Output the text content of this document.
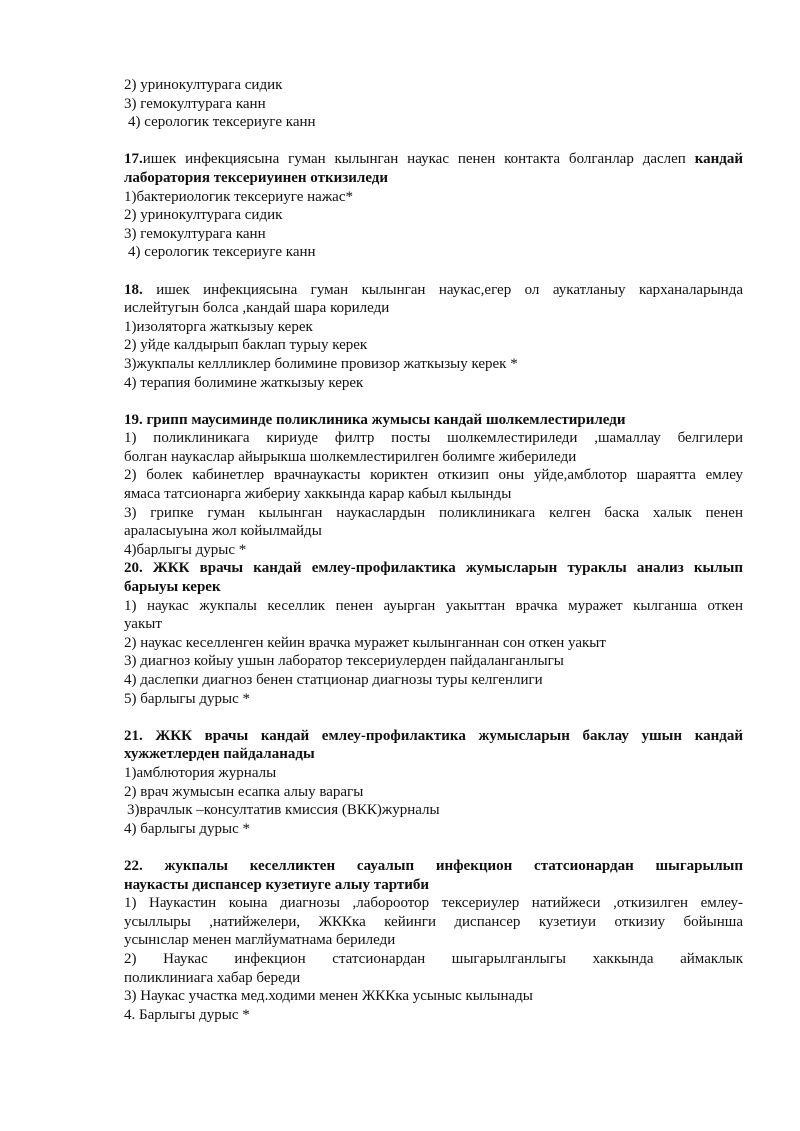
2) уринокултурага сидик

3) гемокултурага канн

4) серологик тексериуге канн

17.ишек инфекциясына гуман кылынган наукас пенен контакта болганлар даслеп кандай

лаборатория тексериуинен откизиледи

1)бактериологик тексериуге нажас*

2) уринокултурага сидик

3) гемокултурага канн

4) серологик тексериуге канн

18. ишек инфекциясына гуман кылынган наукас,егер ол аукатланыу карханаларында

ислейтугын болса ,кандай шара кориледи

1)изоляторга жаткызыу керек

2) уйде калдырып баклап турыу керек

3)жукпалы келлликлер болимине провизор жаткызыу керек *

4) терапия болимине жаткызыу керек

19. грипп маусиминде поликлиника жумысы кандай шолкемлестириледи

1) поликлиникага кириуде филтр посты шолкемлестириледи ,шамаллау белгилери

болган наукаслар айырыкша шолкемлестирилген болимге жибериледи

2) болек кабинетлер врачнаукасты кориктен откизип оны уйде,амблотор шараятта емлеу

ямаса татсионарга жибериу хаккында карар кабыл кылынды

3) грипке гуман кылынган наукаслардын поликлиникага келген баска халык пенен

араласыуына жол койылмайды

4)барлыгы дурыс *

20. ЖКК врачы кандай емлеу-профилактика жумысларын тураклы анализ кылып

барыуы керек

1) наукас жукпалы кеселлик пенен ауырган уакыттан врачка муражет кылганша откен

уакыт

2) наукас кеселленген кейин врачка муражет кылынганнан сон откен уакыт

3) диагноз койыу ушын лаборатор тексериулерден пайдаланганлыгы

4) даслепки диагноз бенен статционар диагнозы туры келгенлиги

5) барлыгы дурыс *

21. ЖКК врачы кандай емлеу-профилактика жумысларын баклау ушын кандай

хужжетлерден пайдаланады

1)амблютория журналы

2) врач жумысын есапка алыу варагы

3)врачлык –консултатив кмиссия (ВКК)журналы

4) барлыгы дурыс *

22. жукпалы кеселликтен сауалып инфекцион статсионардан шыгарылып

наукасты диспансер кузетиуге алыу тартиби

1) Наукастин коына диагнозы ,лабороотор тексериулер натийжеси ,откизилген емлеу-

усыллыры ,натийжелери, ЖККка кейинги диспансер кузетиуи откизиу бойынша

усынıслар менен маглйуматнама бериледи

2) Наукас инфекцион статсионардан шыгарылганлыгы хаккында аймаклык

поликлиниага хабар береди

3) Наукас участка мед.ходими менен ЖККка усыныс кылынады

4. Барлыгы дурыс *
